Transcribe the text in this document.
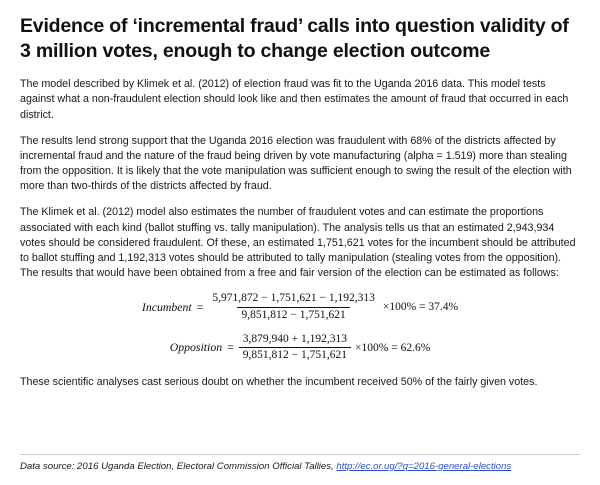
Evidence of ‘incremental fraud’ calls into question validity of 3 million votes, enough to change election outcome

The model described by Klimek et al. (2012) of election fraud was fit to the Uganda 2016 data. This model tests against what a non-fraudulent election should look like and then estimates the amount of fraud that occurred in each district.

The results lend strong support that the Uganda 2016 election was fraudulent with 68% of the districts affected by incremental fraud and the nature of the fraud being driven by vote manufacturing (alpha = 1.519) more than stealing from the opposition. It is likely that the vote manipulation was sufficient enough to swing the result of the election with more than two-thirds of the districts affected by fraud.

The Klimek et al. (2012) model also estimates the number of fraudulent votes and can estimate the proportions associated with each kind (ballot stuffing vs. tally manipulation). The analysis tells us that an estimated 2,943,934 votes should be considered fraudulent. Of these, an estimated 1,751,621 votes for the incumbent should be attributed to ballot stuffing and 1,192,313 votes should be attributed to tally manipulation (stealing votes from the opposition). The results that would have been obtained from a free and fair version of the election can be estimated as follows:

Incumbent = $\frac{5,971,872 - 1,751,621 - 1,192,313}{9,851,812 - 1,751,621} \times 100\% = 37.4\%$
Opposition = $\frac{3,879,940 + 1,192,313}{9,851,812 - 1,751,621} \times 100\% = 62.6\%$

These scientific analyses cast serious doubt on whether the incumbent received 50% of the fairly given votes.

Data source: 2016 Uganda Election, Electoral Commission Official Tallies, http://ec.or.ug/?q=2016-general-elections
